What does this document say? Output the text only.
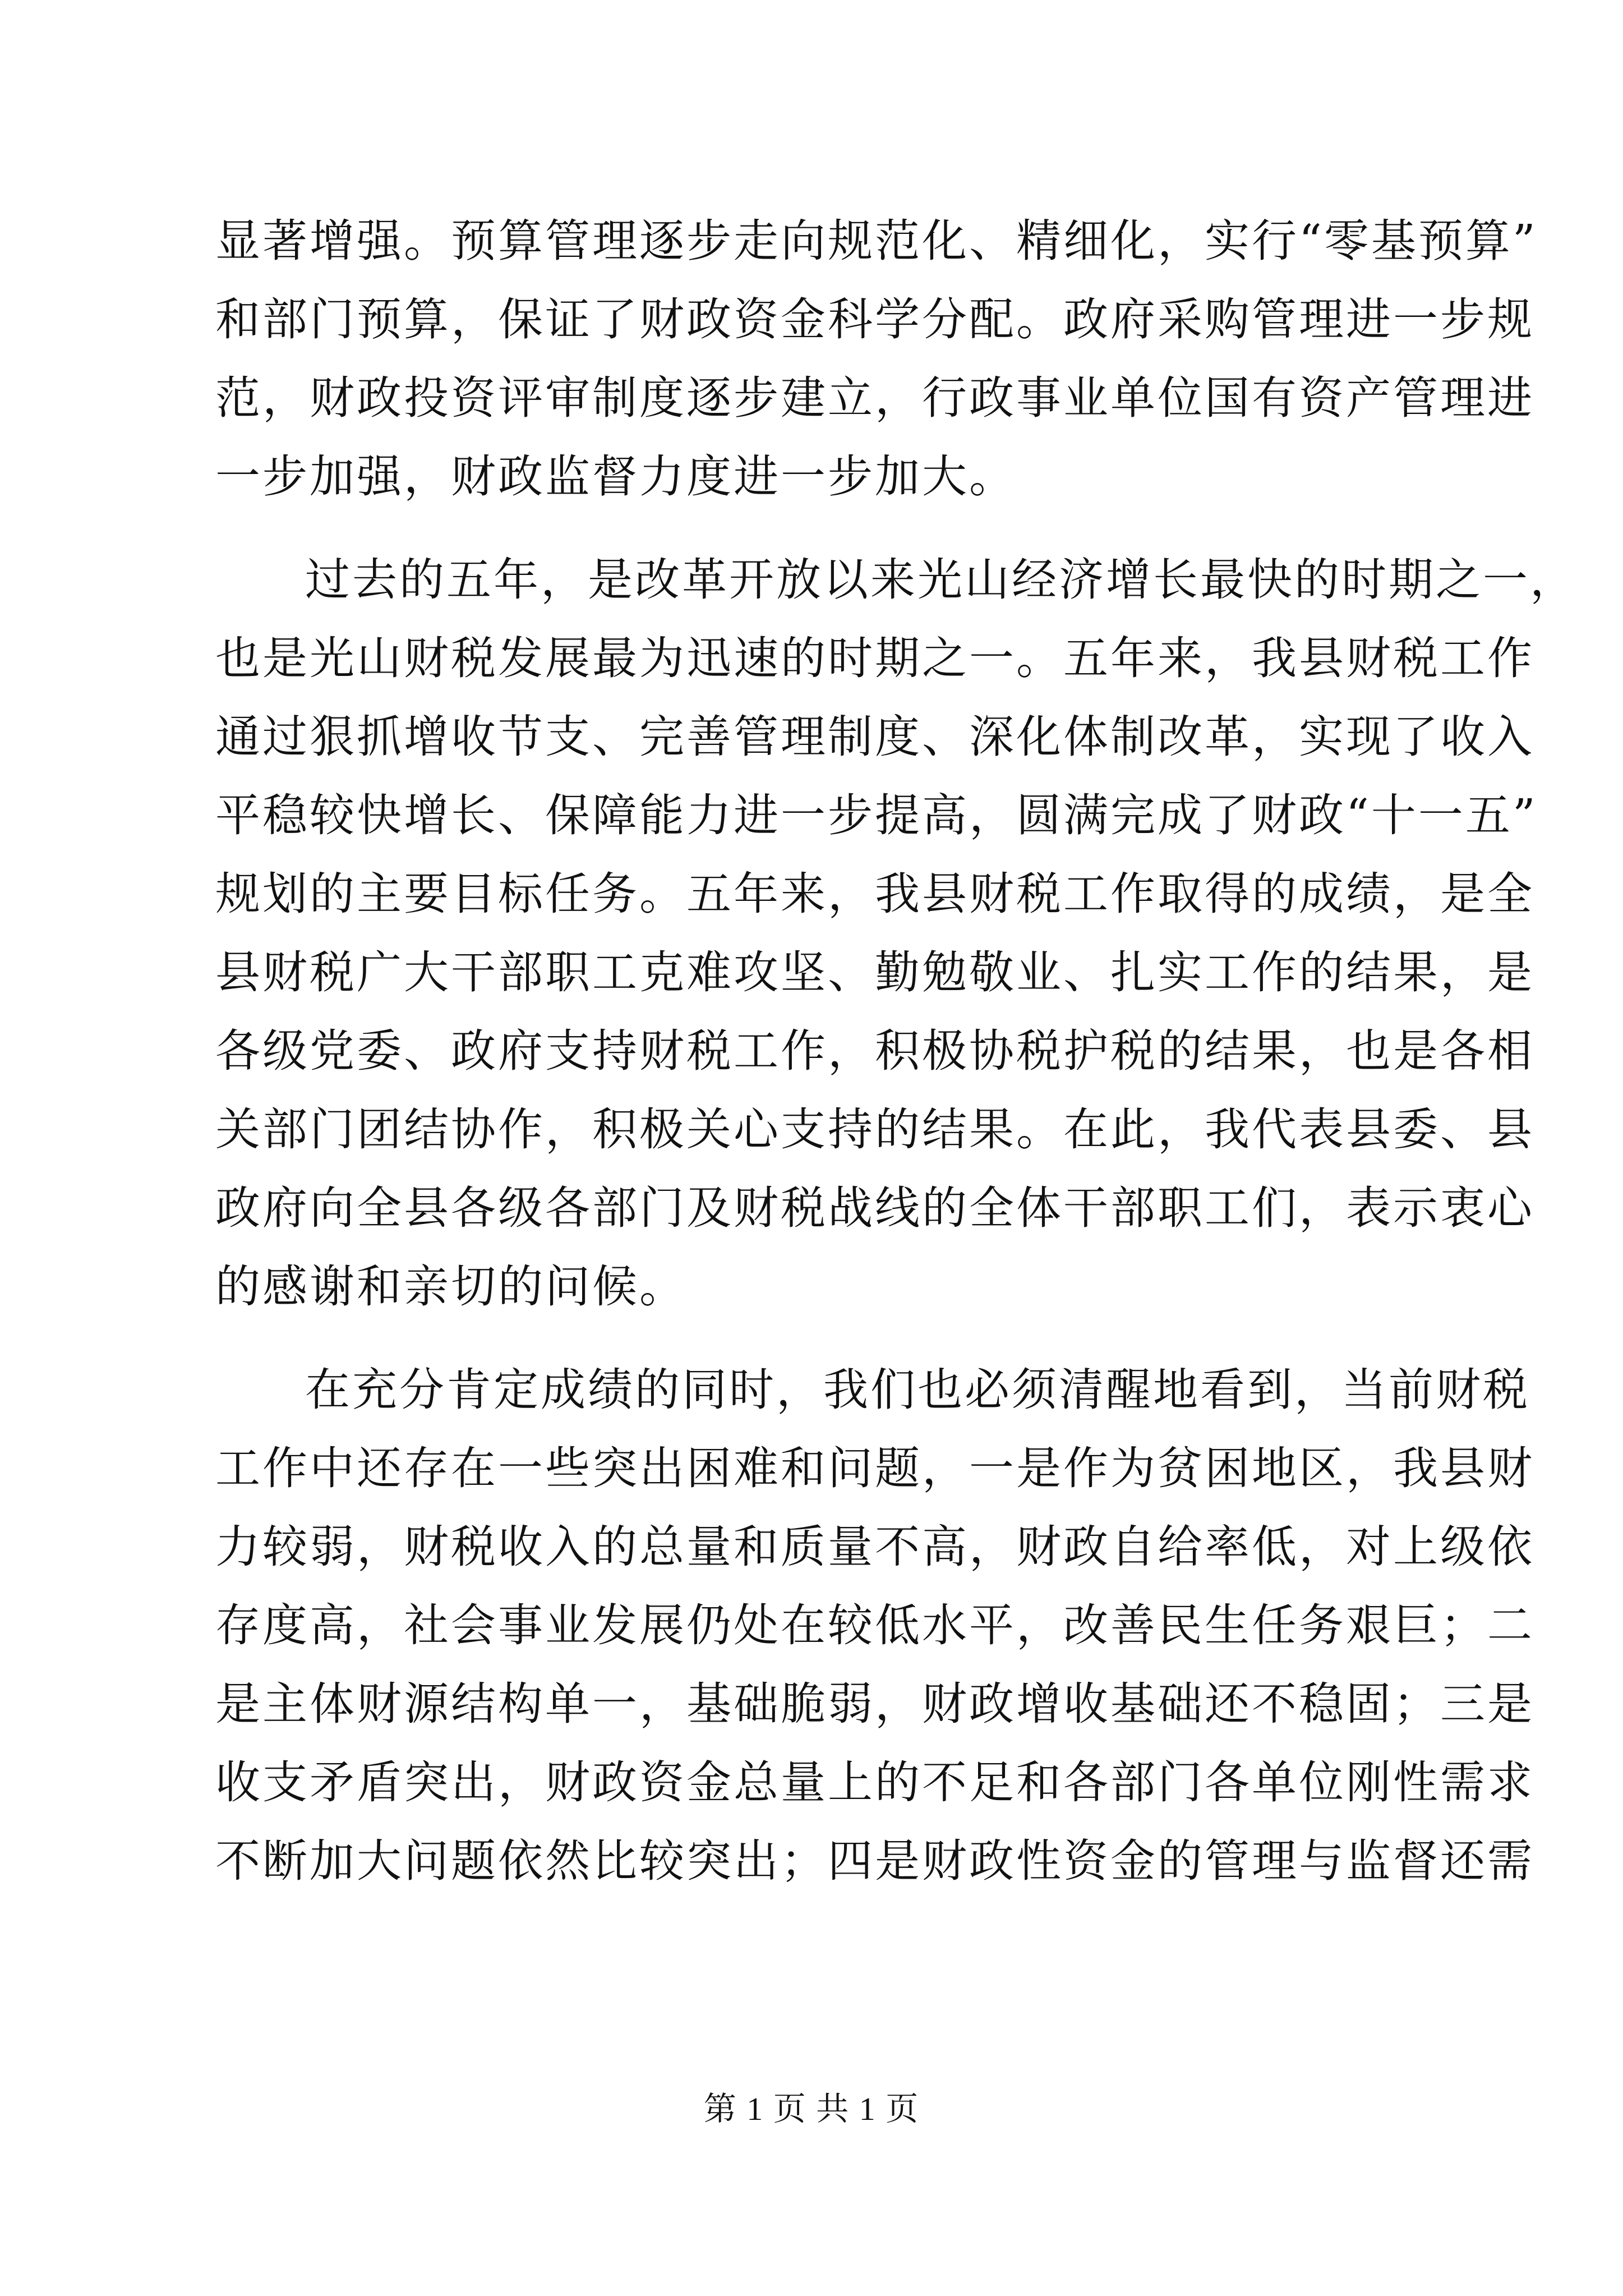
显著增强。预算管理逐步走向规范化、精细化，实行“零基预算”
和部门预算，保证了财政资金科学分配。政府采购管理进一步规
范，财政投资评审制度逐步建立，行政事业单位国有资产管理进
一步加强，财政监督力度进一步加大。
过去的五年，是改革开放以来光山经济增长最快的时期之一，
也是光山财税发展最为迅速的时期之一。五年来，我县财税工作
通过狠抓增收节支、完善管理制度、深化体制改革，实现了收入
平稳较快增长、保障能力进一步提高，圆满完成了财政“十一五”
规划的主要目标任务。五年来，我县财税工作取得的成绩，是全
县财税广大干部职工克难攻坚、勤勉敬业、扎实工作的结果，是
各级党委、政府支持财税工作，积极协税护税的结果，也是各相
关部门团结协作，积极关心支持的结果。在此，我代表县委、县
政府向全县各级各部门及财税战线的全体干部职工们，表示衷心
的感谢和亲切的问候。
在充分肯定成绩的同时，我们也必须清醒地看到，当前财税
工作中还存在一些突出困难和问题，一是作为贫困地区，我县财
力较弱，财税收入的总量和质量不高，财政自给率低，对上级依
存度高，社会事业发展仍处在较低水平，改善民生任务艰巨；二
是主体财源结构单一，基础脆弱，财政增收基础还不稳固；三是
收支矛盾突出，财政资金总量上的不足和各部门各单位刚性需求
不断加大问题依然比较突出；四是财政性资金的管理与监督还需
第 1 页 共 1 页
